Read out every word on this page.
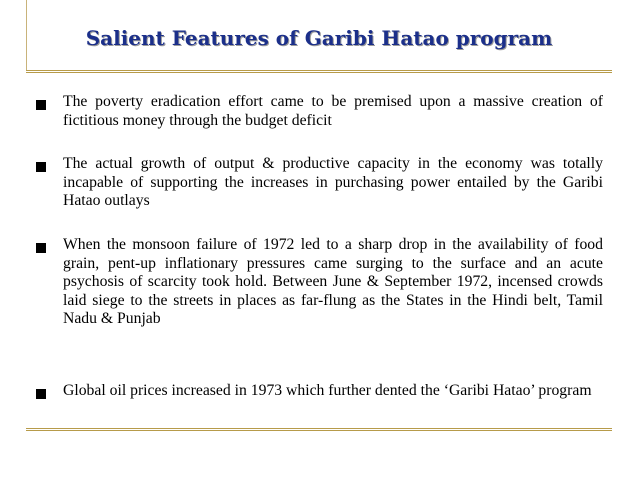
Salient Features of Garibi Hatao program
The poverty eradication effort came to be premised upon a massive creation of fictitious money through the budget deficit
The actual growth of output & productive capacity in the economy was totally incapable of supporting the increases in purchasing power entailed by the Garibi Hatao outlays
When the monsoon failure of 1972 led to a sharp drop in the availability of food grain, pent-up inflationary pressures came surging to the surface and an acute psychosis of scarcity took hold. Between June & September 1972, incensed crowds laid siege to the streets in places as far-flung as the States in the Hindi belt, Tamil Nadu & Punjab
Global oil prices increased in 1973 which further dented the ‘Garibi Hatao’ program
